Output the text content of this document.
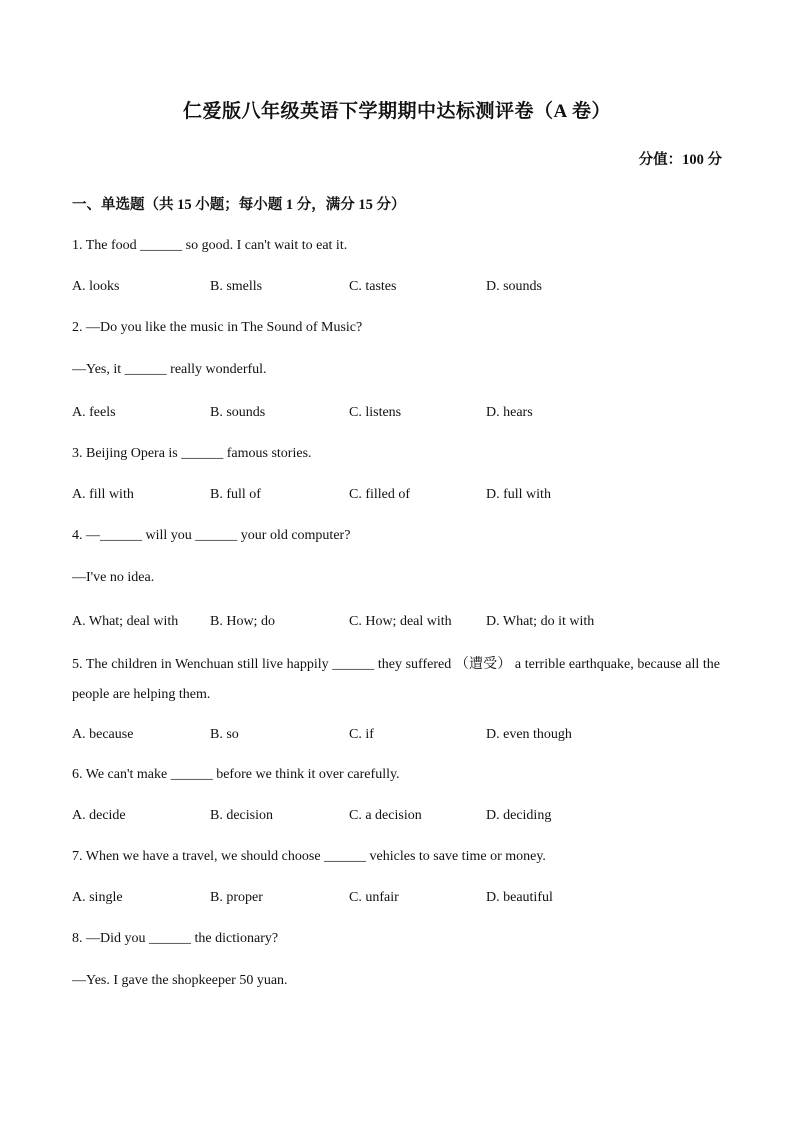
仁爱版八年级英语下学期期中达标测评卷（A 卷）
分值：100 分
一、单选题（共 15 小题；每小题 1 分，满分 15 分）
1. The food ______ so good. I can't wait to eat it.
A. looks	B. smells	C. tastes	D. sounds
2. —Do you like the music in The Sound of Music?
—Yes, it ______ really wonderful.
A. feels	B. sounds	C. listens	D. hears
3. Beijing Opera is ______ famous stories.
A. fill with	B. full of	C. filled of	D. full with
4. —______ will you ______ your old computer?
—I've no idea.
A. What; deal with B. How; do	C. How; deal with D. What; do it with
5. The children in Wenchuan still live happily ______ they suffered （遭受） a terrible earthquake, because all the people are helping them.
A. because	B. so	C. if	D. even though
6. We can't make ______ before we think it over carefully.
A. decide	B. decision	C. a decision	D. deciding
7. When we have a travel, we should choose ______ vehicles to save time or money.
A. single	B. proper	C. unfair	D. beautiful
8. —Did you ______ the dictionary?
—Yes. I gave the shopkeeper 50 yuan.
